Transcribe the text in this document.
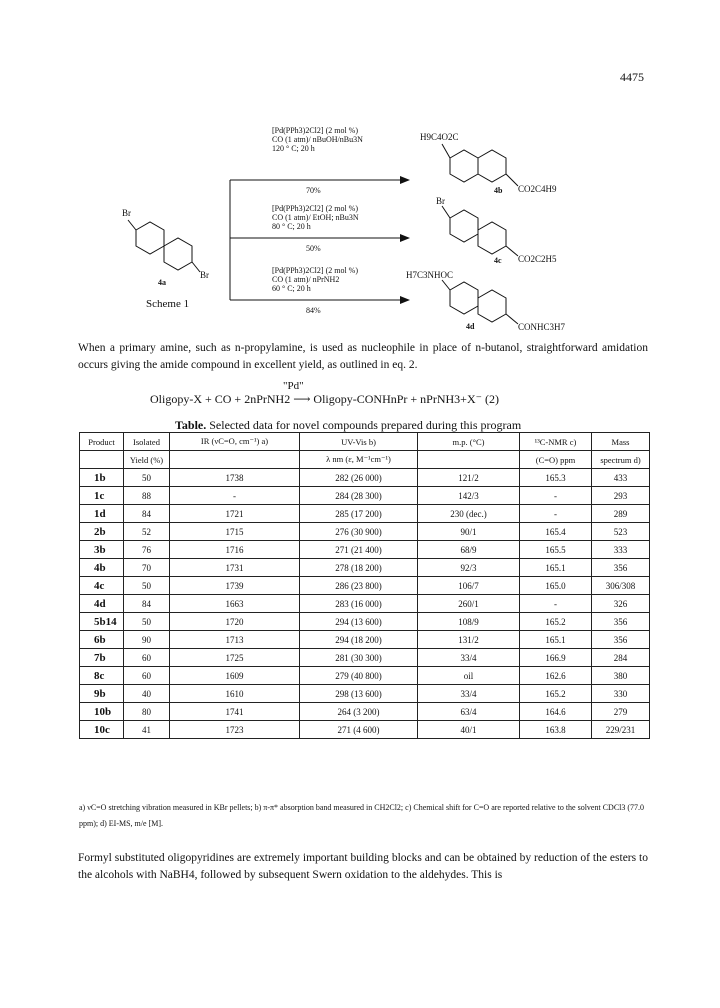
4475
Br
Br
4a
Scheme 1
[Pd(PPh3)2Cl2] (2 mol %)
CO (1 atm)/ nBuOH/nBu3N
120 ° C; 20 h
70%
[Pd(PPh3)2Cl2] (2 mol %)
CO (1 atm)/ EtOH; nBu3N
80 ° C; 20 h
50%
[Pd(PPh3)2Cl2] (2 mol %)
CO (1 atm)/ nPrNH2
60 ° C; 20 h
84%
H9C4O2C
4b CO2C4H9
Br
4c CO2C2H5
H7C3NHOC
4d	CONHC3H7
When a primary amine, such as n-propylamine, is used as nucleophile in place of n-butanol, straightforward amidation occurs giving the amide compound in excellent yield, as outlined in eq. 2.
"Pd"
Oligopy-X + CO + 2nPrNH2 ⟶ Oligopy-CONHnPr + nPrNH3+X⁻ (2)
Table. Selected data for novel compounds prepared during this program
Product	Isolated	IR (νC=O, cm⁻¹) a)	UV-Vis b)	m.p. (°C)	¹³C-NMR c)	Mass
	Yield (%)		λ nm (ε, M⁻¹cm⁻¹)		(C=O) ppm	spectrum d)
1b	50	1738	282 (26 000)	121/2	165.3	433
1c	88	-	284 (28 300)	142/3	-	293
1d	84	1721	285 (17 200)	230 (dec.)	-	289
2b	52	1715	276 (30 900)	90/1	165.4	523
3b	76	1716	271 (21 400)	68/9	165.5	333
4b	70	1731	278 (18 200)	92/3	165.1	356
4c	50	1739	286 (23 800)	106/7	165.0	306/308
4d	84	1663	283 (16 000)	260/1	-	326
5b14	50	1720	294 (13 600)	108/9	165.2	356
6b	90	1713	294 (18 200)	131/2	165.1	356
7b	60	1725	281 (30 300)	33/4	166.9	284
8c	60	1609	279 (40 800)	oil	162.6	380
9b	40	1610	298 (13 600)	33/4	165.2	330
10b	80	1741	264 (3 200)	63/4	164.6	279
10c	41	1723	271 (4 600)	40/1	163.8	229/231
a) νC=O stretching vibration measured in KBr pellets; b) π-π* absorption band measured in CH2Cl2; c) Chemical shift for C=O are reported relative to the solvent CDCl3 (77.0 ppm); d) EI-MS, m/e [M].
Formyl substituted oligopyridines are extremely important building blocks and can be obtained by reduction of the esters to the alcohols with NaBH4, followed by subsequent Swern oxidation to the aldehydes. This is
